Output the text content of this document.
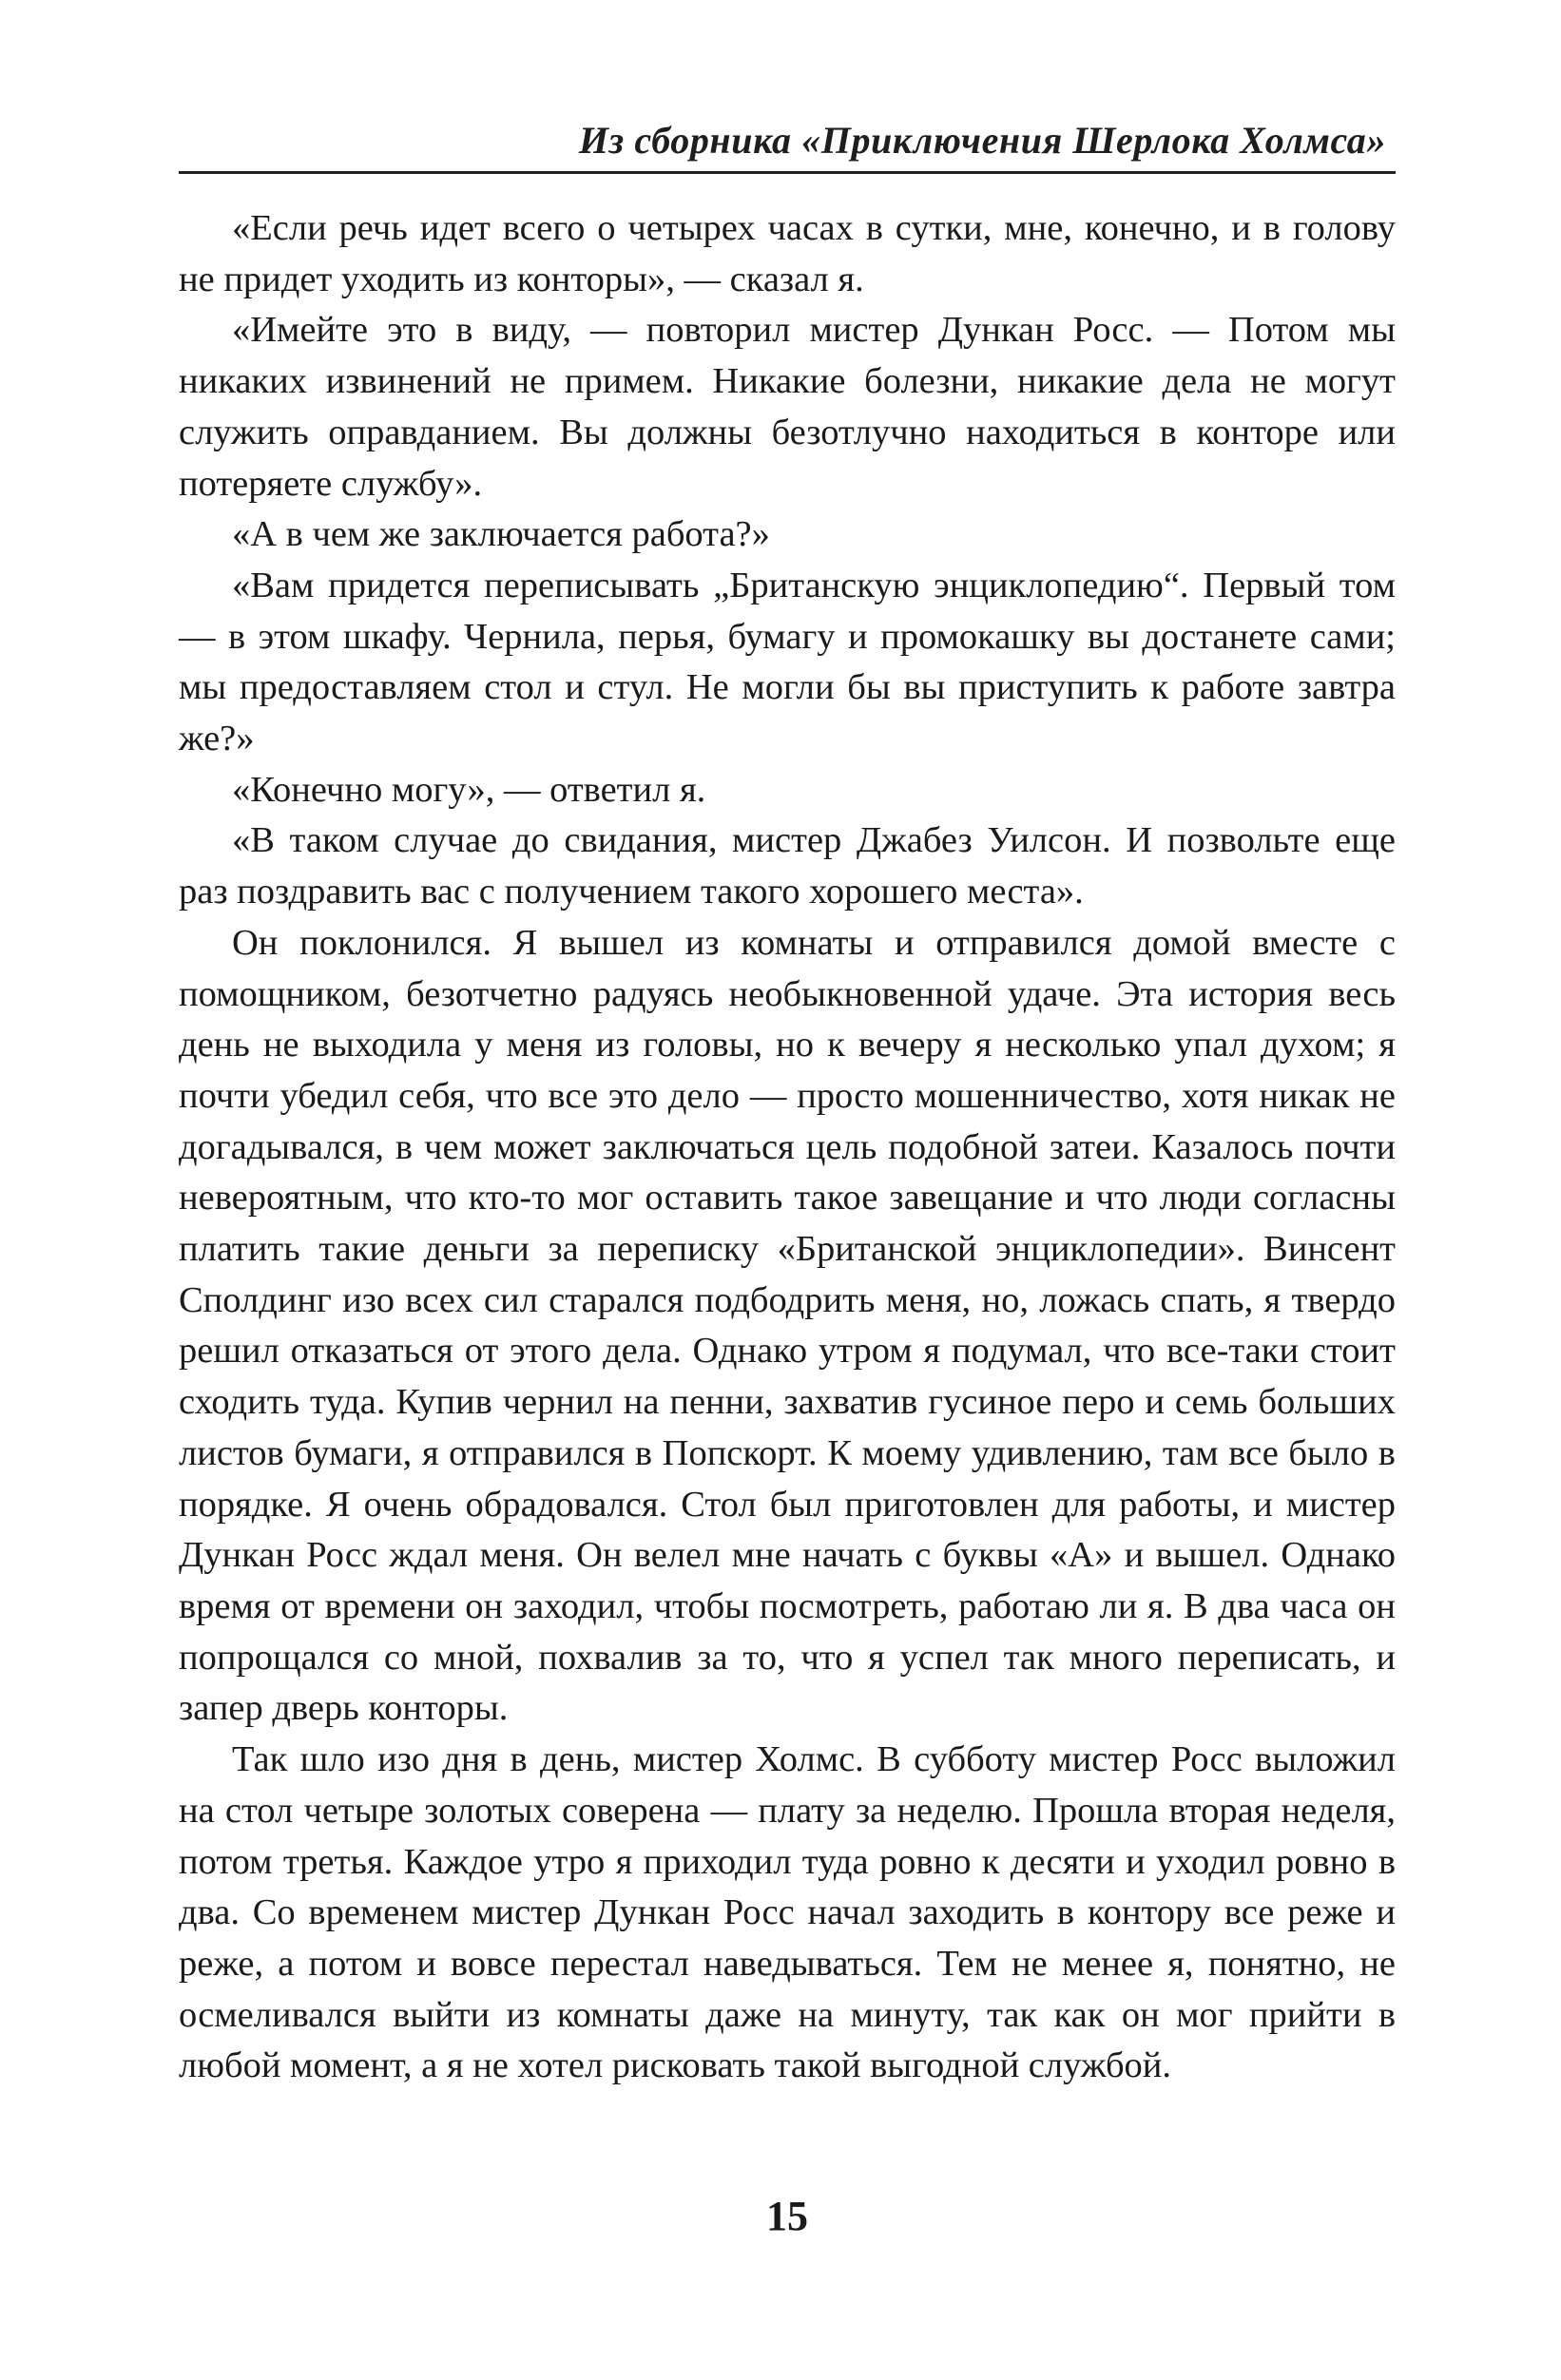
Из сборника «Приключения Шерлока Холмса»

«Если речь идет всего о четырех часах в сутки, мне, конечно, и в голову не придет уходить из конторы», — сказал я.

«Имейте это в виду, — повторил мистер Дункан Росс. — Потом мы никаких извинений не примем. Никакие болезни, никакие дела не могут служить оправданием. Вы должны безотлучно находиться в конторе или потеряете службу».

«А в чем же заключается работа?»

«Вам придется переписывать „Британскую энциклопедию“. Первый том — в этом шкафу. Чернила, перья, бумагу и промокашку вы достанете сами; мы предоставляем стол и стул. Не могли бы вы приступить к работе завтра же?»

«Конечно могу», — ответил я.

«В таком случае до свидания, мистер Джабез Уилсон. И позвольте еще раз поздравить вас с получением такого хорошего места».

Он поклонился. Я вышел из комнаты и отправился домой вместе с помощником, безотчетно радуясь необыкновенной удаче. Эта история весь день не выходила у меня из головы, но к вечеру я несколько упал духом; я почти убедил себя, что все это дело — просто мошенничество, хотя никак не догадывался, в чем может заключаться цель подобной затеи. Казалось почти невероятным, что кто-то мог оставить такое завещание и что люди согласны платить такие деньги за переписку «Британской энциклопедии». Винсент Сполдинг изо всех сил старался подбодрить меня, но, ложась спать, я твердо решил отказаться от этого дела. Однако утром я подумал, что все-таки стоит сходить туда. Купив чернил на пенни, захватив гусиное перо и семь больших листов бумаги, я отправился в Попскорт. К моему удивлению, там все было в порядке. Я очень обрадовался. Стол был приготовлен для работы, и мистер Дункан Росс ждал меня. Он велел мне начать с буквы «А» и вышел. Однако время от времени он заходил, чтобы посмотреть, работаю ли я. В два часа он попрощался со мной, похвалив за то, что я успел так много переписать, и запер дверь конторы.

Так шло изо дня в день, мистер Холмс. В субботу мистер Росс выложил на стол четыре золотых соверена — плату за неделю. Прошла вторая неделя, потом третья. Каждое утро я приходил туда ровно к десяти и уходил ровно в два. Со временем мистер Дункан Росс начал заходить в контору все реже и реже, а потом и вовсе перестал наведываться. Тем не менее я, понятно, не осмеливался выйти из комнаты даже на минуту, так как он мог прийти в любой момент, а я не хотел рисковать такой выгодной службой.

15
